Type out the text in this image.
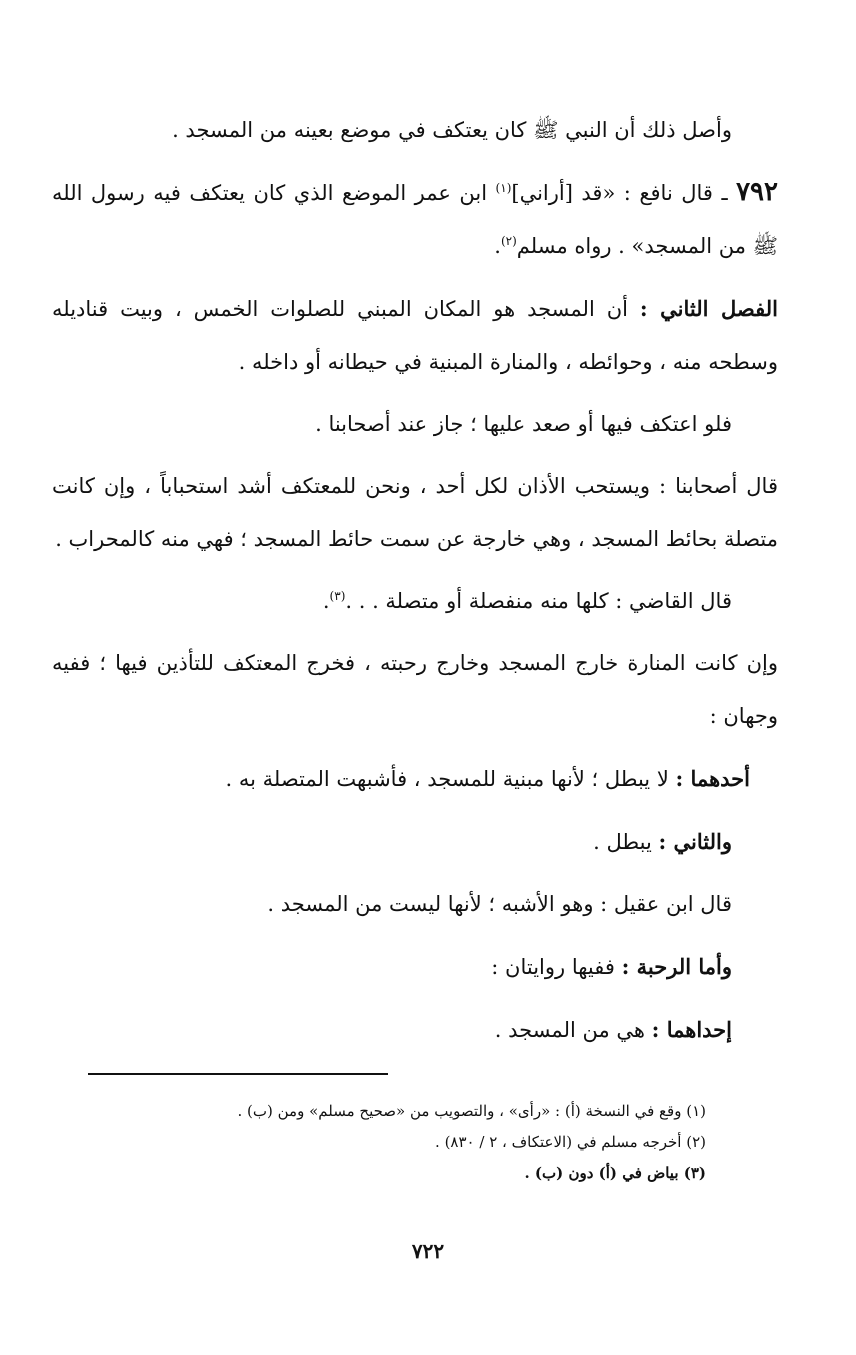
وأصل ذلك أن النبي ﷺ كان يعتكف في موضع بعينه من المسجد .

٧٩٢ ـ قال نافع : «قد [أراني]$^{(١)}$ ابن عمر الموضع الذي كان يعتكف فيه رسول الله ﷺ من المسجد» . رواه مسلم$^{(٢)}$.

الفصل الثاني : أن المسجد هو المكان المبني للصلوات الخمس ، وبيت قناديله وسطحه منه ، وحوائطه ، والمنارة المبنية في حيطانه أو داخله .

فلو اعتكف فيها أو صعد عليها ؛ جاز عند أصحابنا .

قال أصحابنا : ويستحب الأذان لكل أحد ، ونحن للمعتكف أشد استحباباً ، وإن كانت متصلة بحائط المسجد ، وهي خارجة عن سمت حائط المسجد ؛ فهي منه كالمحراب .

قال القاضي : كلها منه منفصلة أو متصلة . . .$^{(٣)}$.

وإن كانت المنارة خارج المسجد وخارج رحبته ، فخرج المعتكف للتأذين فيها ؛ ففيه وجهان :

أحدهما : لا يبطل ؛ لأنها مبنية للمسجد ، فأشبهت المتصلة به .

والثاني : يبطل .

قال ابن عقيل : وهو الأشبه ؛ لأنها ليست من المسجد .

وأما الرحبة : ففيها روايتان :

إحداهما : هي من المسجد .

(١) وقع في النسخة (أ) : «رأى» ، والتصويب من «صحيح مسلم» ومن (ب) .
(٢) أخرجه مسلم في (الاعتكاف ، ٢ / ٨٣٠) .
(٣) بياض في (أ) دون (ب) .
٧٢٢
